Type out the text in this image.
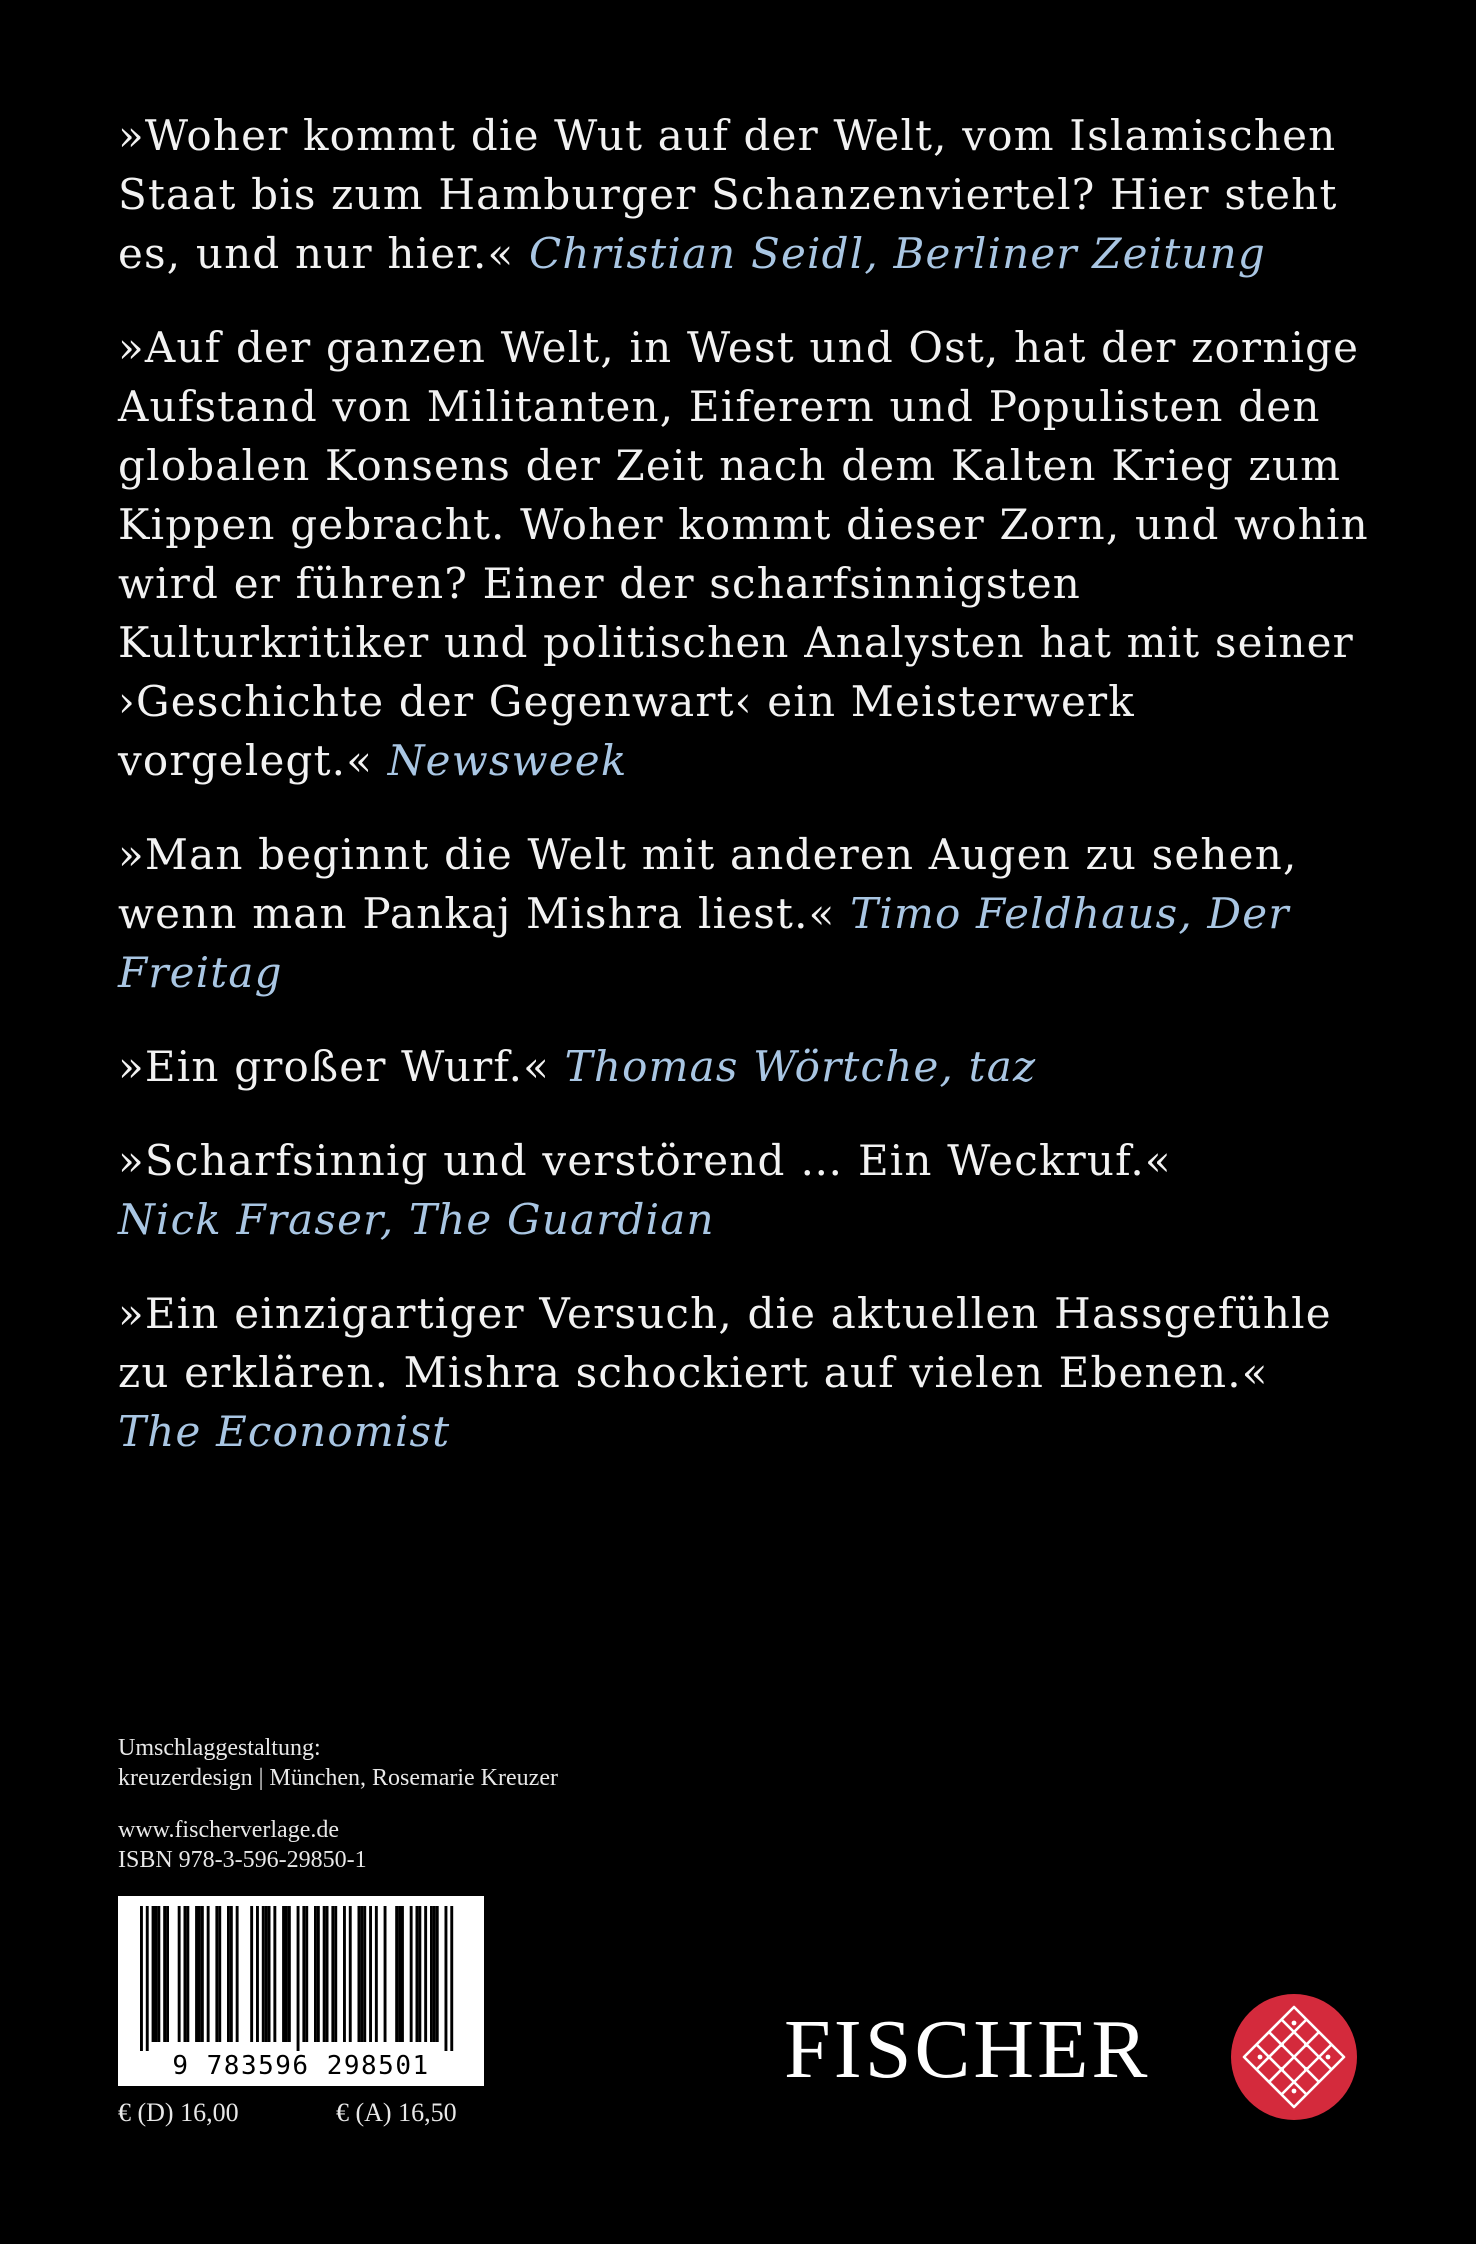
»Woher kommt die Wut auf der Welt, vom Islamischen Staat bis zum Hamburger Schanzenviertel? Hier steht es, und nur hier.« Christian Seidl, Berliner Zeitung

»Auf der ganzen Welt, in West und Ost, hat der zornige Aufstand von Militanten, Eiferern und Populisten den globalen Konsens der Zeit nach dem Kalten Krieg zum Kippen gebracht. Woher kommt dieser Zorn, und wohin wird er führen? Einer der scharfsinnigsten Kulturkritiker und politischen Analysten hat mit seiner ›Geschichte der Gegenwart‹ ein Meisterwerk vorgelegt.« Newsweek

»Man beginnt die Welt mit anderen Augen zu sehen, wenn man Pankaj Mishra liest.« Timo Feldhaus, Der Freitag

»Ein großer Wurf.« Thomas Wörtche, taz

»Scharfsinnig und verstörend … Ein Weckruf.«
Nick Fraser, The Guardian

»Ein einzigartiger Versuch, die aktuellen Hassgefühle zu erklären. Mishra schockiert auf vielen Ebenen.«
The Economist

Umschlaggestaltung:
kreuzerdesign | München, Rosemarie Kreuzer
www.fischerverlage.de
ISBN 978-3-596-29850-1
9 783596 298501
€ (D) 16,00	€ (A) 16,50
FISCHER
